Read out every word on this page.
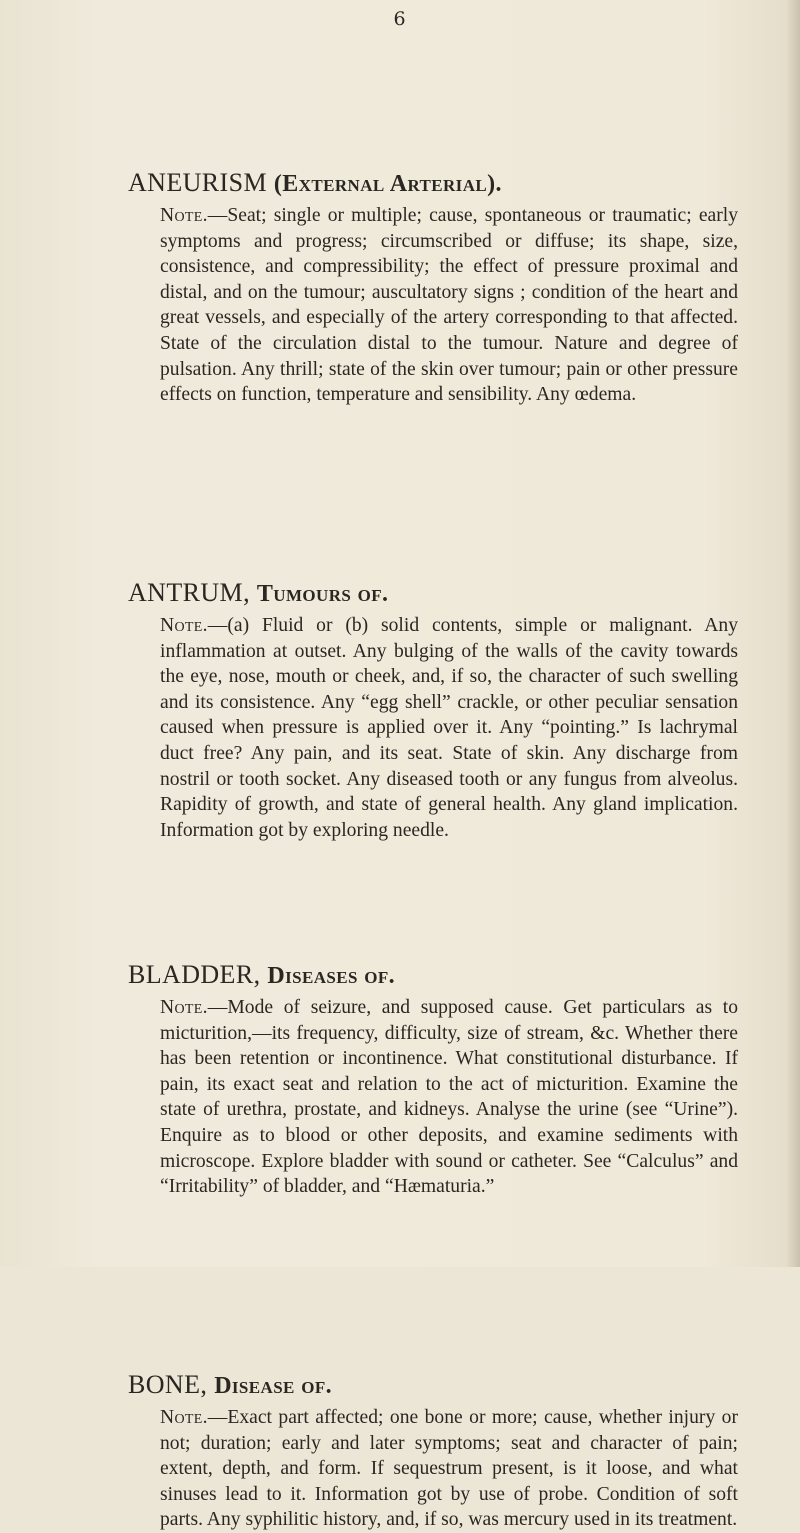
6
ANEURISM (External Arterial).

Note.—Seat; single or multiple; cause, spontaneous or traumatic; early symptoms and progress; circumscribed or diffuse; its shape, size, consistence, and compressibility; the effect of pressure proximal and distal, and on the tumour; auscultatory signs ; condition of the heart and great vessels, and especially of the artery corresponding to that affected. State of the circulation distal to the tumour. Nature and degree of pulsation. Any thrill; state of the skin over tumour; pain or other pressure effects on function, temperature and sensibility. Any œdema.

ANTRUM, Tumours of.

Note.—(a) Fluid or (b) solid contents, simple or malignant. Any inflammation at outset. Any bulging of the walls of the cavity towards the eye, nose, mouth or cheek, and, if so, the character of such swelling and its consistence. Any “egg shell” crackle, or other peculiar sensation caused when pressure is applied over it. Any “pointing.” Is lachrymal duct free? Any pain, and its seat. State of skin. Any discharge from nostril or tooth socket. Any diseased tooth or any fungus from alveolus. Rapidity of growth, and state of general health. Any gland implication. Information got by exploring needle.

BLADDER, Diseases of.

Note.—Mode of seizure, and supposed cause. Get particulars as to micturition,—its frequency, difficulty, size of stream, &c. Whether there has been retention or incontinence. What constitutional disturbance. If pain, its exact seat and relation to the act of micturition. Examine the state of urethra, prostate, and kidneys. Analyse the urine (see “Urine”). Enquire as to blood or other deposits, and examine sediments with microscope. Explore bladder with sound or catheter. See “Calculus” and “Irritability” of bladder, and “Hæmaturia.”

BONE, Disease of.

Note.—Exact part affected; one bone or more; cause, whether injury or not; duration; early and later symptoms; seat and character of pain; extent, depth, and form. If sequestrum present, is it loose, and what sinuses lead to it. Information got by use of probe. Condition of soft parts. Any syphilitic history, and, if so, was mercury used in its treatment.
